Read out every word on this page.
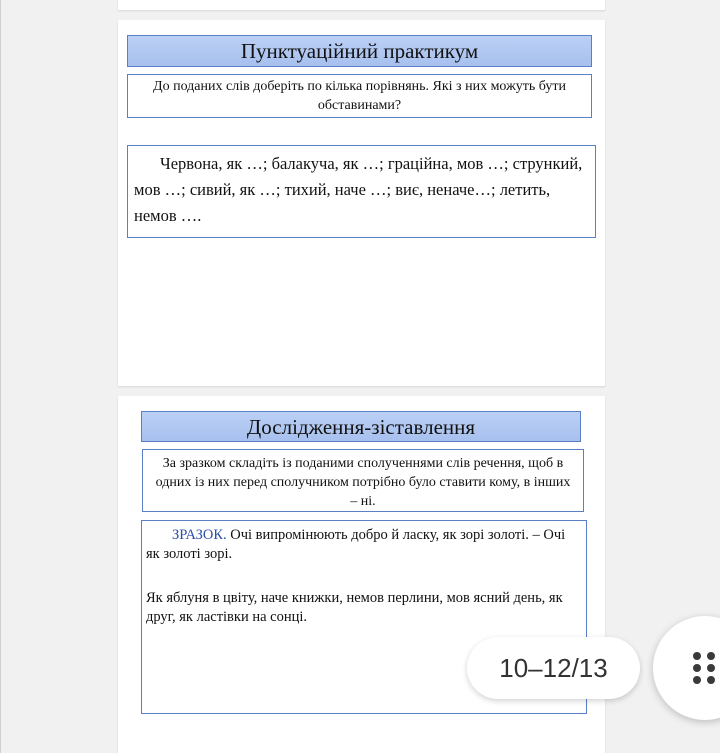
Пунктуаційний практикум
До поданих слів доберіть по кілька порівнянь. Які з них можуть бути обставинами?
Червона, як …; балакуча, як …; граційна, мов …; стрункий, мов …; сивий, як …; тихий, наче …; виє, неначе…; летить, немов ….
Дослідження-зіставлення
За зразком складіть із поданими сполученнями слів речення, щоб в одних із них перед сполучником потрібно було ставити кому, в інших – ні.

ЗРАЗОК. Очі випромінюють добро й ласку, як зорі золоті. – Очі як золоті зорі.

Як яблуня в цвіту, наче книжки, немов перлини, мов ясний день, як друг, як ластівки на сонці.

10–12/13
